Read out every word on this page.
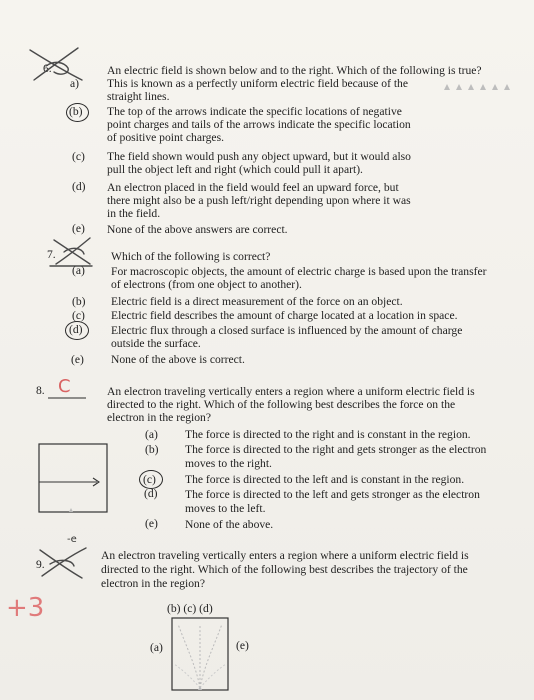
6.	An electric field is shown below and to the right. Which of the following is true?
a) This is known as a perfectly uniform electric field because of the
straight lines.
(b) The top of the arrows indicate the specific locations of negative
point charges and tails of the arrows indicate the specific location
of positive point charges.
(c) The field shown would push any object upward, but it would also
pull the object left and right (which could pull it apart).
(d) An electron placed in the field would feel an upward force, but
there might also be a push left/right depending upon where it was
in the field.
(e) None of the above answers are correct.
7.	Which of the following is correct?
(a) For macroscopic objects, the amount of electric charge is based upon the transfer
of electrons (from one object to another).
(b) Electric field is a direct measurement of the force on an object.
(c) Electric field describes the amount of charge located at a location in space.
(d) Electric flux through a closed surface is influenced by the amount of charge
outside the surface.
(e) None of the above is correct.
8. C	An electron traveling vertically enters a region where a uniform electric field is
directed to the right. Which of the following best describes the force on the
electron in the region?
(a) The force is directed to the right and is constant in the region.
(b) The force is directed to the right and gets stronger as the electron
moves to the right.
(c)	The force is directed to the left and is constant in the region.
(d) The force is directed to the left and gets stronger as the electron
moves to the left.
(e) None of the above.
-e
9.
An electron traveling vertically enters a region where a uniform electric field is
directed to the right. Which of the following best describes the trajectory of the
electron in the region?
(b) (c) (d)
(a)	(e)
+3
